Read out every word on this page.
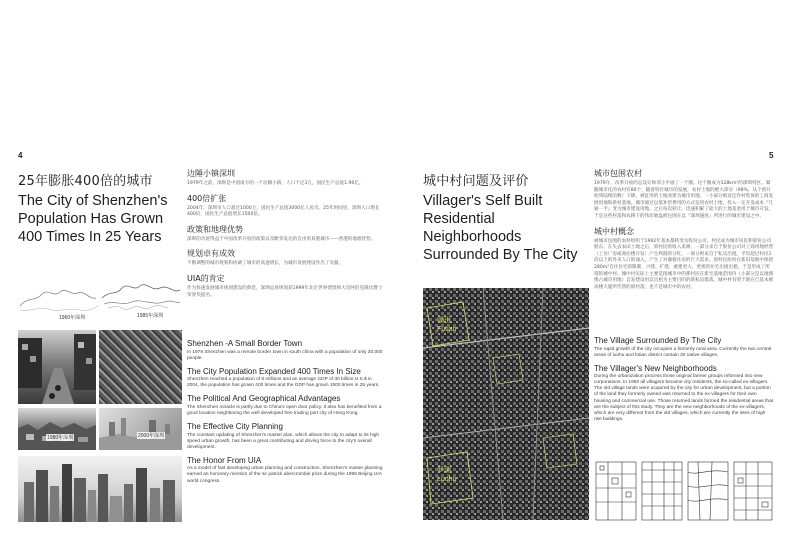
4
25年膨胀400倍的城市
The City of Shenzhen's Population Has Grown 400 Times In 25 Years
1960年深圳	1985年深圳
1980年深圳	2000年深圳
边陲小镇深圳
1979年之前，深圳是中国南方的一个边陲小镇，人口不足3万，国民生产总值1.96亿。
400倍扩张
2004年，深圳市人口超过1000万，国民生产总值3000亿人民币，25年时间里，深圳人口增长400倍，国民生产总值增长1500倍。
政策和地理优势
深圳的奇迹得益于中国改革开放的政策以及毗邻发达的自由贸易港城市——香港的地理优势。
规划卓有成效
不断调整的城市规划和协调了城市的高速增长，为城市发展建设作出了贡献。
UIA的肯定
作为快速发展城市规划建设的典范，深圳总体规划获1999年北京世界建筑师大会阿伯克隆比爵士荣誉奖提名。
Shenzhen -A Small Border Town
In 1979 Shenzhen was a remote border town in south china with a population of only 30,000 people.
The City Population Expanded 400 Times In Size
Shenzhen reached a population of 8 millions and an average GDP of 30 billion U.S.$ in 2004, the population has grown 400 times and the GDP has grown 1500 times in 25 years.
The Political And Geographical Advantages
The Shenzhen miracle is partly due to China's open door policy. It also has benefited from a good location neighboring the well developed free trading port city of Hong Kong.
The Effective City Planning
The constant updating of Shenzhen's master plan, which allows the city to adapt to its high speed urban growth, has been a great contributing and driving force to the city's overall development.
The Honor From UIA
As a model of fast developing urban planning and construction, Shenzhen's master planning earned an honorary mention of the sir patrick abercrombie prize during the 1999 Beijing UIA world congress.
5
城中村问题及评价
Villager's Self Built Residential Neighborhoods Surrounded By The City
福田
Futian
罗湖
Luohu
城市包围农村
1979年，改革开放的总设计师邓小平画了一个圈。这个圈成为328km²的深圳特区。紧随城市化的农村有80个。随着特区城市的发展，农村土地的绝大部分（98%，从个别开始到陆续的数）下降。被征用的土地改建为城市用地，一小部分被返还作村集体的工商发展用地和新村基地。城市通过以低补偿费用的方式征用农村土地，投入一定开发成本『几通一平』变为城市建设用地。之后每次转让，迅速积累了庞大的土地基金用于城市开发。于是这些村落和农耕下的伟岸地盘被包围在以『深圳速度』所进行的城市建设之中。
城中村概念
被城市包围的农村组织于1992年基本都转变为股份公司，村民成为城市居民和股份公司股东。在失去农田土地之后，原村民的收入来源，一部分来自于股份公司对工商用地经营（工业厂房或商住楼开发）产生利润的分红，一部分则来自于私房出租。平均超过村民1倍以上的外来人口的涌入，产生了对廉租住房的巨大需求。原村民纷纷在新旧基地中保留280m²自住住宅的限制，兴建、扩建、重建更大、更密的住宅出租出租。于是形成了所谓的城中村。城中村实际上主要是指城市中的那村民在新宅基地范围内（小部分是以地图像占城市用地）自发建设用以出租为主要目的的新私房群落。城中村有别于现在已基本被高楼大厦所代替的原村落，也不是城市中的农村。
The Village Surrounded By The City
The rapid growth of the city occupies a formerly rural area. Currently the two central areas of luohu and futian district contain 20 native villages.
The Villager's New Neighborhoods
During the urbanization process those original farmer groups reformed into new corporations. In 1992 all villagers became city residents, the so-called ex-villagers. The old village lands were acquired by the city for urban development, but a portion of the land they formerly owned was returned to the ex-villagers for their own housing and commercial use. Those returned lands formed the residential areas that are the subject of this study. They are the new neighborhoods of the ex-villagers, which are very different from the old villages, which are currently the sites of high rise buildings.
